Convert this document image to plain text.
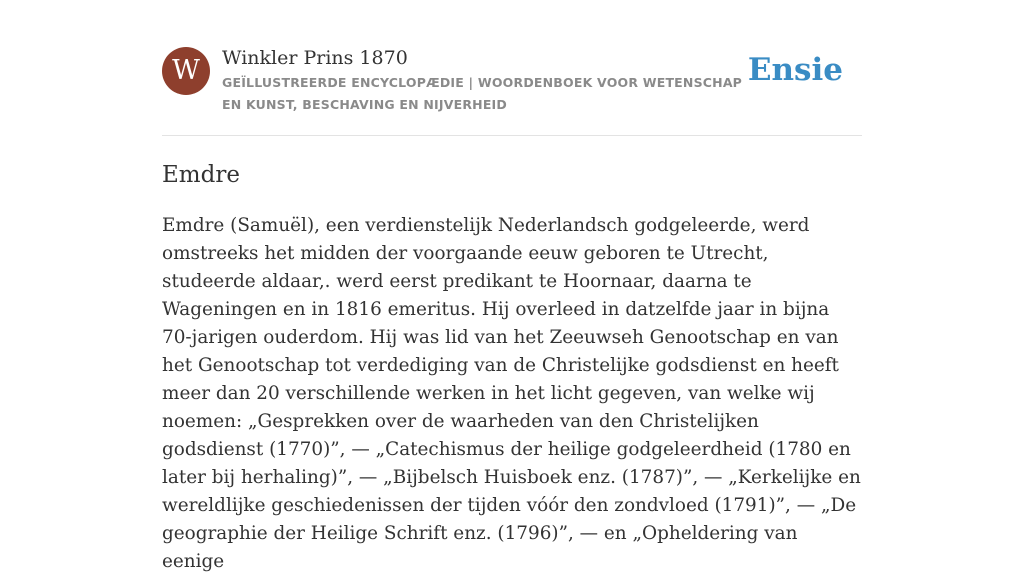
W	Winkler Prins 1870

GEÏLLUSTREERDE ENCYCLOPÆDIE | WOORDENBOEK VOOR WETENSCHAP EN KUNST, BESCHAVING EN NIJVERHEID

Ensie
Emdre

Emdre (Samuël), een verdienstelijk Nederlandsch godgeleerde, werd omstreeks het midden der voorgaande eeuw geboren te Utrecht, studeerde aldaar,. werd eerst predikant te Hoornaar, daarna te Wageningen en in 1816 emeritus. Hij overleed in datzelfde jaar in bijna 70-jarigen ouderdom. Hij was lid van het Zeeuwseh Genootschap en van het Genootschap tot verdediging van de Christelijke godsdienst en heeft meer dan 20 verschillende werken in het licht gegeven, van welke wij noemen: „Gesprekken over de waarheden van den Christelijken godsdienst (1770)”, — „Catechismus der heilige godgeleerdheid (1780 en later bij herhaling)”, — „Bijbelsch Huisboek enz. (1787)”, — „Kerkelijke en wereldlijke geschiedenissen der tijden vóór den zondvloed (1791)”, — „De geographie der Heilige Schrift enz. (1796)”, — en „Opheldering van eenige
